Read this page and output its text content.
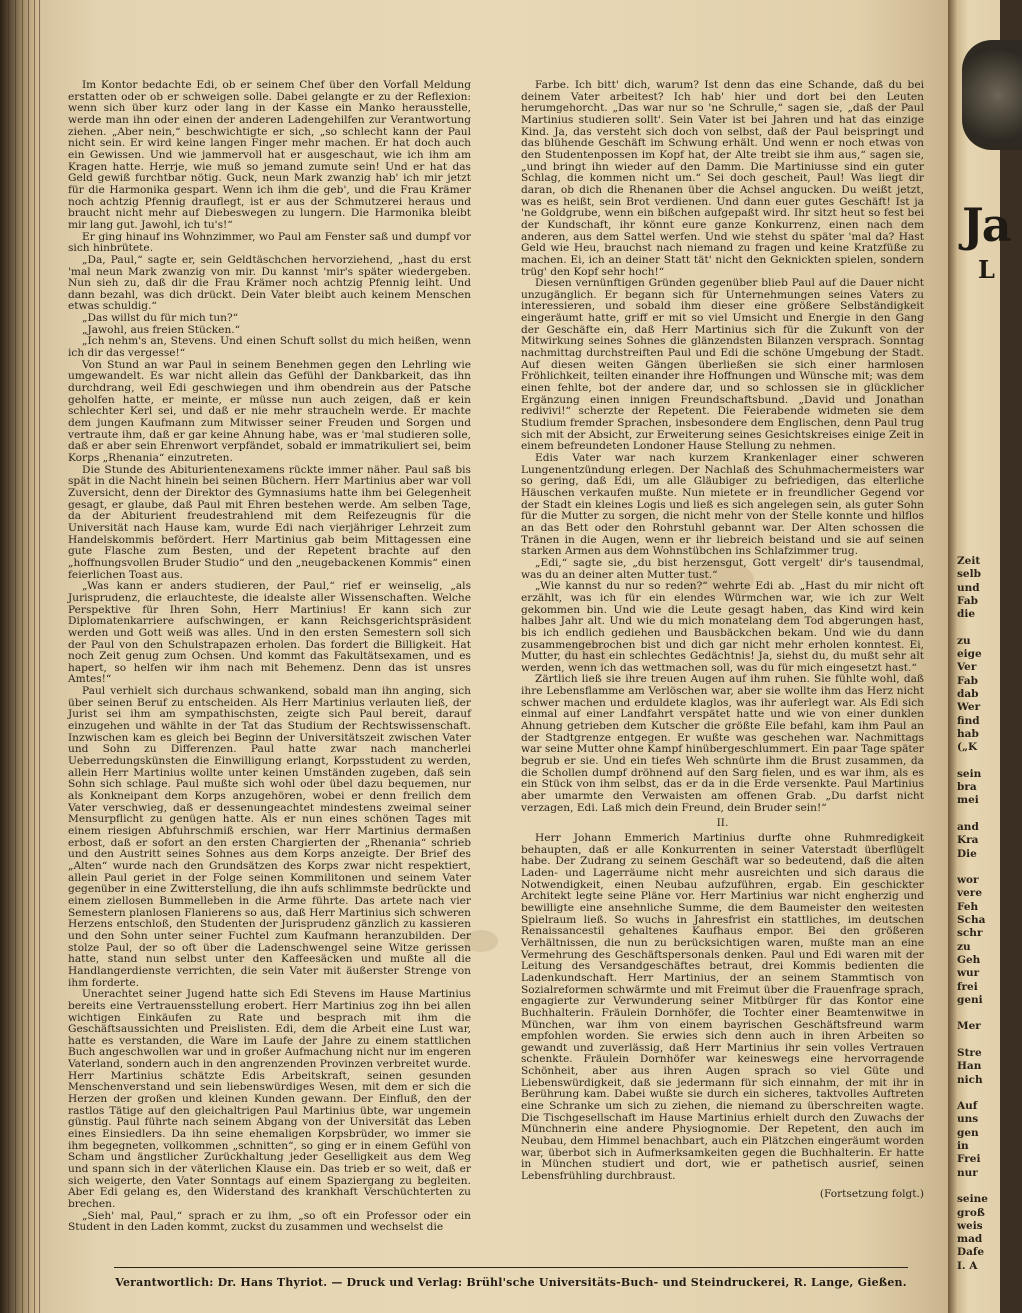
Im Kontor bedachte Edi, ob er seinem Chef über den Vorfall Meldung erstatten oder ob er schweigen solle. Dabei gelangte er zu der Reflexion: wenn sich über kurz oder lang in der Kasse ein Manko herausstelle, werde man ihn oder einen der anderen Ladengehilfen zur Verantwortung ziehen. „Aber nein,“ beschwichtigte er sich, „so schlecht kann der Paul nicht sein. Er wird keine langen Finger mehr machen. Er hat doch auch ein Gewissen. Und wie jammervoll hat er ausgeschaut, wie ich ihm am Kragen hatte. Herrje, wie muß so jemand zumute sein! Und er hat das Geld gewiß furchtbar nötig. Guck, neun Mark zwanzig hab' ich mir jetzt für die Harmonika gespart. Wenn ich ihm die geb', und die Frau Krämer noch achtzig Pfennig drauflegt, ist er aus der Schmutzerei heraus und braucht nicht mehr auf Diebeswegen zu lungern. Die Harmonika bleibt mir lang gut. Jawohl, ich tu's!“

Er ging hinauf ins Wohnzimmer, wo Paul am Fenster saß und dumpf vor sich hinbrütete.

„Da, Paul,“ sagte er, sein Geldtäschchen hervorziehend, „hast du erst 'mal neun Mark zwanzig von mir. Du kannst 'mir's später wiedergeben. Nun sieh zu, daß dir die Frau Krämer noch achtzig Pfennig leiht. Und dann bezahl, was dich drückt. Dein Vater bleibt auch keinem Menschen etwas schuldig.“

„Das willst du für mich tun?“

„Jawohl, aus freien Stücken.“

„Ich nehm's an, Stevens. Und einen Schuft sollst du mich heißen, wenn ich dir das vergesse!“

Von Stund an war Paul in seinem Benehmen gegen den Lehrling wie umgewandelt. Es war nicht allein das Gefühl der Dankbarkeit, das ihn durchdrang, weil Edi geschwiegen und ihm obendrein aus der Patsche geholfen hatte, er meinte, er müsse nun auch zeigen, daß er kein schlechter Kerl sei, und daß er nie mehr straucheln werde. Er machte dem jungen Kaufmann zum Mitwisser seiner Freuden und Sorgen und vertraute ihm, daß er gar keine Ahnung habe, was er 'mal studieren solle, daß er aber sein Ehrenwort verpfändet, sobald er immatrikuliert sei, beim Korps „Rhenania“ einzutreten.

Die Stunde des Abiturientenexamens rückte immer näher. Paul saß bis spät in die Nacht hinein bei seinen Büchern. Herr Martinius aber war voll Zuversicht, denn der Direktor des Gymnasiums hatte ihm bei Gelegenheit gesagt, er glaube, daß Paul mit Ehren bestehen werde. Am selben Tage, da der Abiturient freudestrahlend mit dem Reifezeugnis für die Universität nach Hause kam, wurde Edi nach vierjähriger Lehrzeit zum Handelskommis befördert. Herr Martinius gab beim Mittagessen eine gute Flasche zum Besten, und der Repetent brachte auf den „hoffnungsvollen Bruder Studio“ und den „neugebackenen Kommis“ einen feierlichen Toast aus.

„Was kann er anders studieren, der Paul,“ rief er weinselig, „als Jurisprudenz, die erlauchteste, die idealste aller Wissenschaften. Welche Perspektive für Ihren Sohn, Herr Martinius! Er kann sich zur Diplomatenkarriere aufschwingen, er kann Reichsgerichtspräsident werden und Gott weiß was alles. Und in den ersten Semestern soll sich der Paul von den Schulstrapazen erholen. Das fordert die Billigkeit. Hat noch Zeit genug zum Ochsen. Und kommt das Fakultätsexamen, und es hapert, so helfen wir ihm nach mit Behemenz. Denn das ist unsres Amtes!“

Paul verhielt sich durchaus schwankend, sobald man ihn anging, sich über seinen Beruf zu entscheiden. Als Herr Martinius verlauten ließ, der Jurist sei ihm am sympathischsten, zeigte sich Paul bereit, darauf einzugehen und wählte in der Tat das Studium der Rechtswissenschaft. Inzwischen kam es gleich bei Beginn der Universitätszeit zwischen Vater und Sohn zu Differenzen. Paul hatte zwar nach mancherlei Ueberredungskünsten die Einwilligung erlangt, Korpsstudent zu werden, allein Herr Martinius wollte unter keinen Umständen zugeben, daß sein Sohn sich schlage. Paul mußte sich wohl oder übel dazu bequemen, nur als Konkneipant dem Korps anzugehören, wobei er denn freilich dem Vater verschwieg, daß er dessenungeachtet mindestens zweimal seiner Mensurpflicht zu genügen hatte. Als er nun eines schönen Tages mit einem riesigen Abfuhrschmiß erschien, war Herr Martinius dermaßen erbost, daß er sofort an den ersten Chargierten der „Rhenania“ schrieb und den Austritt seines Sohnes aus dem Korps anzeigte. Der Brief des „Alten“ wurde nach den Grundsätzen des Korps zwar nicht respektiert, allein Paul geriet in der Folge seinen Kommilitonen und seinem Vater gegenüber in eine Zwitterstellung, die ihn aufs schlimmste bedrückte und einem ziellosen Bummelleben in die Arme führte. Das artete nach vier Semestern planlosen Flanierens so aus, daß Herr Martinius sich schweren Herzens entschloß, den Studenten der Jurisprudenz gänzlich zu kassieren und den Sohn unter seiner Fuchtel zum Kaufmann heranzubilden. Der stolze Paul, der so oft über die Ladenschwengel seine Witze gerissen hatte, stand nun selbst unter den Kaffeesäcken und mußte all die Handlangerdienste verrichten, die sein Vater mit äußerster Strenge von ihm forderte.

Unerachtet seiner Jugend hatte sich Edi Stevens im Hause Martinius bereits eine Vertrauensstellung erobert. Herr Martinius zog ihn bei allen wichtigen Einkäufen zu Rate und besprach mit ihm die Geschäftsaussichten und Preislisten. Edi, dem die Arbeit eine Lust war, hatte es verstanden, die Ware im Laufe der Jahre zu einem stattlichen Buch angeschwollen war und in großer Aufmachung nicht nur im engeren Vaterland, sondern auch in den angrenzenden Provinzen verbreitet wurde. Herr Martinius schätzte Edis Arbeitskraft, seinen gesunden Menschenverstand und sein liebenswürdiges Wesen, mit dem er sich die Herzen der großen und kleinen Kunden gewann. Der Einfluß, den der rastlos Tätige auf den gleichaltrigen Paul Martinius übte, war ungemein günstig. Paul führte nach seinem Abgang von der Universität das Leben eines Einsiedlers. Da ihn seine ehemaligen Korpsbrüder, wo immer sie ihm begegneten, vollkommen „schnitten“, so ging er in einem Gefühl von Scham und ängstlicher Zurückhaltung jeder Geselligkeit aus dem Weg und spann sich in der väterlichen Klause ein. Das trieb er so weit, daß er sich weigerte, den Vater Sonntags auf einem Spaziergang zu begleiten. Aber Edi gelang es, den Widerstand des krankhaft Verschüchterten zu brechen.

„Sieh' mal, Paul,“ sprach er zu ihm, „so oft ein Professor oder ein Student in den Laden kommt, zuckst du zusammen und wechselst die

Farbe. Ich bitt' dich, warum? Ist denn das eine Schande, daß du bei deinem Vater arbeitest? Ich hab' hier und dort bei den Leuten herumgehorcht. „Das war nur so 'ne Schrulle,“ sagen sie, „daß der Paul Martinius studieren sollt'. Sein Vater ist bei Jahren und hat das einzige Kind. Ja, das versteht sich doch von selbst, daß der Paul beispringt und das blühende Geschäft im Schwung erhält. Und wenn er noch etwas von den Studentenpossen im Kopf hat, der Alte treibt sie ihm aus,“ sagen sie, „und bringt ihn wieder auf den Damm. Die Martiniusse sind ein guter Schlag, die kommen nicht um.“ Sei doch gescheit, Paul! Was liegt dir daran, ob dich die Rhenanen über die Achsel angucken. Du weißt jetzt, was es heißt, sein Brot verdienen. Und dann euer gutes Geschäft! Ist ja 'ne Goldgrube, wenn ein bißchen aufgepaßt wird. Ihr sitzt heut so fest bei der Kundschaft, ihr könnt eure ganze Konkurrenz, einen nach dem anderen, aus dem Sattel werfen. Und wie stehst du später 'mal da? Hast Geld wie Heu, brauchst nach niemand zu fragen und keine Kratzfüße zu machen. Ei, ich an deiner Statt tät' nicht den Geknickten spielen, sondern trüg' den Kopf sehr hoch!“

Diesen vernünftigen Gründen gegenüber blieb Paul auf die Dauer nicht unzugänglich. Er begann sich für Unternehmungen seines Vaters zu interessieren, und sobald ihm dieser eine größere Selbständigkeit eingeräumt hatte, griff er mit so viel Umsicht und Energie in den Gang der Geschäfte ein, daß Herr Martinius sich für die Zukunft von der Mitwirkung seines Sohnes die glänzendsten Bilanzen versprach. Sonntag nachmittag durchstreiften Paul und Edi die schöne Umgebung der Stadt. Auf diesen weiten Gängen überließen sie sich einer harmlosen Fröhlichkeit, teilten einander ihre Hoffnungen und Wünsche mit; was dem einen fehlte, bot der andere dar, und so schlossen sie in glücklicher Ergänzung einen innigen Freundschaftsbund. „David und Jonathan redivivi!“ scherzte der Repetent. Die Feierabende widmeten sie dem Studium fremder Sprachen, insbesondere dem Englischen, denn Paul trug sich mit der Absicht, zur Erweiterung seines Gesichtskreises einige Zeit in einem befreundeten Londoner Hause Stellung zu nehmen.

Edis Vater war nach kurzem Krankenlager einer schweren Lungenentzündung erlegen. Der Nachlaß des Schuhmachermeisters war so gering, daß Edi, um alle Gläubiger zu befriedigen, das elterliche Häuschen verkaufen mußte. Nun mietete er in freundlicher Gegend vor der Stadt ein kleines Logis und ließ es sich angelegen sein, als guter Sohn für die Mutter zu sorgen, die nicht mehr von der Stelle konnte und hilflos an das Bett oder den Rohrstuhl gebannt war. Der Alten schossen die Tränen in die Augen, wenn er ihr liebreich beistand und sie auf seinen starken Armen aus dem Wohnstübchen ins Schlafzimmer trug.

„Edi,“ sagte sie, „du bist herzensgut, Gott vergelt' dir's tausendmal, was du an deiner alten Mutter tust.“

„Wie kannst du nur so reden?“ wehrte Edi ab. „Hast du mir nicht oft erzählt, was ich für ein elendes Würmchen war, wie ich zur Welt gekommen bin. Und wie die Leute gesagt haben, das Kind wird kein halbes Jahr alt. Und wie du mich monatelang dem Tod abgerungen hast, bis ich endlich gediehen und Bausbäckchen bekam. Und wie du dann zusammengebrochen bist und dich gar nicht mehr erholen konntest. Ei, Mutter, du hast ein schlechtes Gedächtnis! Ja, siehst du, du mußt sehr alt werden, wenn ich das wettmachen soll, was du für mich eingesetzt hast.“

Zärtlich ließ sie ihre treuen Augen auf ihm ruhen. Sie fühlte wohl, daß ihre Lebensflamme am Verlöschen war, aber sie wollte ihm das Herz nicht schwer machen und erduldete klaglos, was ihr auferlegt war. Als Edi sich einmal auf einer Landfahrt verspätet hatte und wie von einer dunklen Ahnung getrieben dem Kutscher die größte Eile befahl, kam ihm Paul an der Stadtgrenze entgegen. Er wußte was geschehen war. Nachmittags war seine Mutter ohne Kampf hinübergeschlummert. Ein paar Tage später begrub er sie. Und ein tiefes Weh schnürte ihm die Brust zusammen, da die Schollen dumpf dröhnend auf den Sarg fielen, und es war ihm, als es ein Stück von ihm selbst, das er da in die Erde versenkte. Paul Martinius aber umarmte den Verwaisten am offenen Grab. „Du darfst nicht verzagen, Edi. Laß mich dein Freund, dein Bruder sein!“

II.

Herr Johann Emmerich Martinius durfte ohne Ruhmredigkeit behaupten, daß er alle Konkurrenten in seiner Vaterstadt überflügelt habe. Der Zudrang zu seinem Geschäft war so bedeutend, daß die alten Laden- und Lagerräume nicht mehr ausreichten und sich daraus die Notwendigkeit, einen Neubau aufzuführen, ergab. Ein geschickter Architekt legte seine Pläne vor. Herr Martinius war nicht engherzig und bewilligte eine ansehnliche Summe, die dem Baumeister den weitesten Spielraum ließ. So wuchs in Jahresfrist ein stattliches, im deutschen Renaissancestil gehaltenes Kaufhaus empor. Bei den größeren Verhältnissen, die nun zu berücksichtigen waren, mußte man an eine Vermehrung des Geschäftspersonals denken. Paul und Edi waren mit der Leitung des Versandgeschäftes betraut, drei Kommis bedienten die Ladenkundschaft. Herr Martinius, der an seinem Stammtisch von Sozialreformen schwärmte und mit Freimut über die Frauenfrage sprach, engagierte zur Verwunderung seiner Mitbürger für das Kontor eine Buchhalterin. Fräulein Dornhöfer, die Tochter einer Beamtenwitwe in München, war ihm von einem bayrischen Geschäftsfreund warm empfohlen worden. Sie erwies sich denn auch in ihren Arbeiten so gewandt und zuverlässig, daß Herr Martinius ihr sein volles Vertrauen schenkte. Fräulein Dornhöfer war keineswegs eine hervorragende Schönheit, aber aus ihren Augen sprach so viel Güte und Liebenswürdigkeit, daß sie jedermann für sich einnahm, der mit ihr in Berührung kam. Dabei wußte sie durch ein sicheres, taktvolles Auftreten eine Schranke um sich zu ziehen, die niemand zu überschreiten wagte. Die Tischgesellschaft im Hause Martinius erhielt durch den Zuwachs der Münchnerin eine andere Physiognomie. Der Repetent, den auch im Neubau, dem Himmel benachbart, auch ein Plätzchen eingeräumt worden war, überbot sich in Aufmerksamkeiten gegen die Buchhalterin. Er hatte in München studiert und dort, wie er pathetisch ausrief, seinen Lebensfrühling durchbraust.

(Fortsetzung folgt.)

Verantwortlich: Dr. Hans Thyriot. — Druck und Verlag: Brühl'sche Universitäts-Buch- und Steindruckerei, R. Lange, Gießen.
Ja
L
Zeit
selb
und
Fab
die

zu
eige
Ver
Fab
dab
Wer
find
hab
(„K

sein
bra
mei

and
Kra
Die

wor
vere
Feh
Scha
schr
zu
Geh
wur
frei
geni

Mer

Stre
Han
nich

Auf
uns
gen
in
Frei
nur

seine
groß
weis
mad
Dafe
I. A
